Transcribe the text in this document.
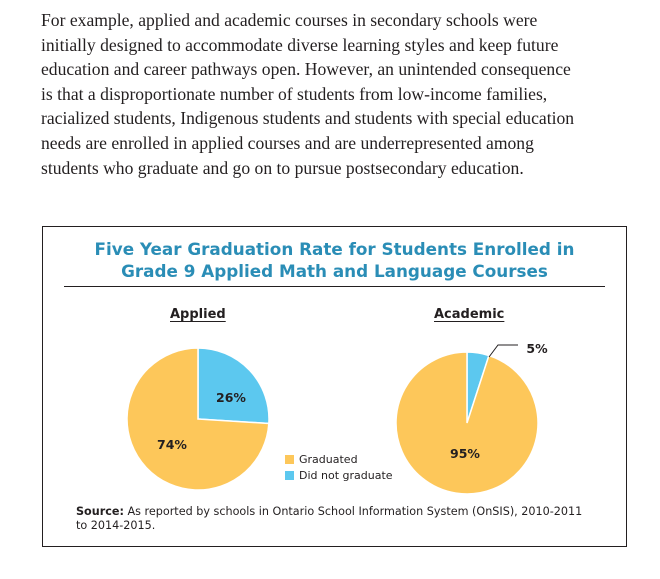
For example, applied and academic courses in secondary schools were
initially designed to accommodate diverse learning styles and keep future
education and career pathways open. However, an unintended consequence
is that a disproportionate number of students from low-income families,
racialized students, Indigenous students and students with special education
needs are enrolled in applied courses and are underrepresented among
students who graduate and go on to pursue postsecondary education.
Five Year Graduation Rate for Students Enrolled in
Grade 9 Applied Math and Language Courses
Applied	Academic
74%
26%
95%
5%
Graduated
Did not graduate
Source: As reported by schools in Ontario School Information System (OnSIS), 2010-2011
to 2014-2015.
